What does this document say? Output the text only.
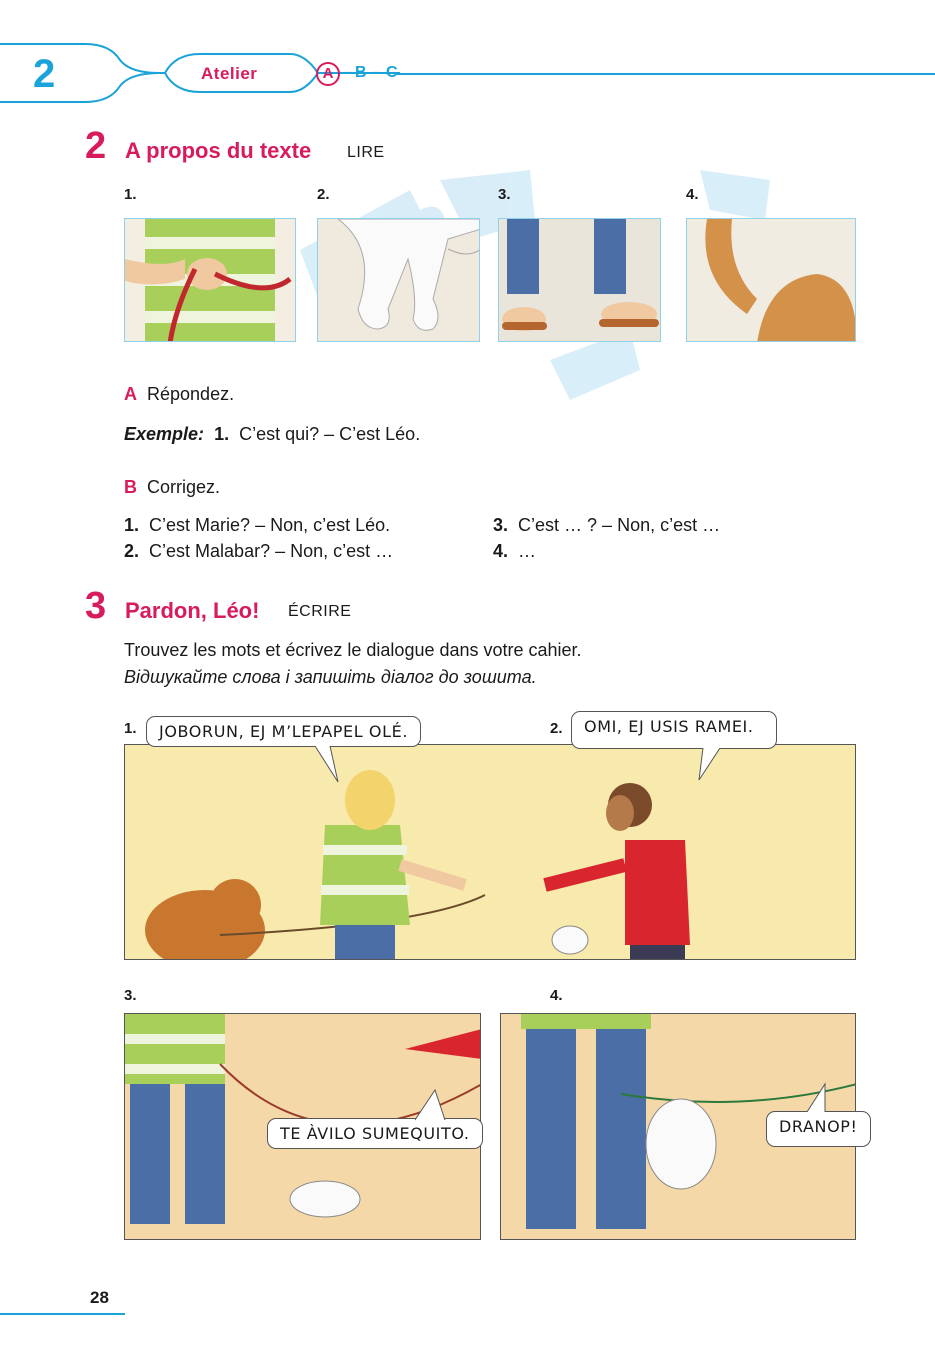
2	Atelier	A – B – C
2 A propos du texte LIRE
1.	2.	3.	4.
A Répondez.
Exemple: 1. C’est qui? – C’est Léo.
B Corrigez.
1. C’est Marie? – Non, c’est Léo.
2. C’est Malabar? – Non, c’est …
3. C’est … ? – Non, c’est …
4. …
3 Pardon, Léo! ÉCRIRE
Trouvez les mots et écrivez le dialogue dans votre cahier.
Відшукайте слова і запишіть діалог до зошита.
1.	2.
JOBORUN, EJ M’LEPAPEL OLÉ.	OMI, EJ USIS RAMEI.
3.
TE ÀVILO SUMEQUITO.
4.
DRANOP!
28
